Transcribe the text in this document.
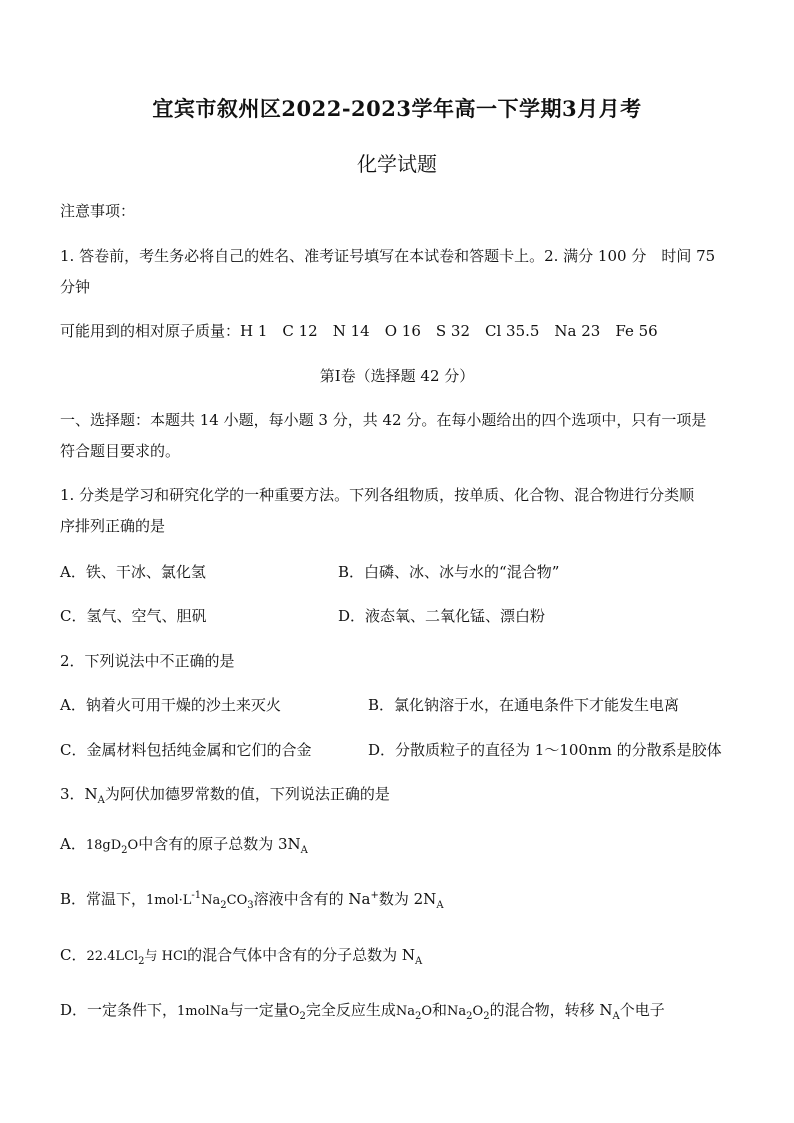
宜宾市叙州区2022-2023学年高一下学期3月月考
化学试题
注意事项：
1. 答卷前，考生务必将自己的姓名、准考证号填写在本试卷和答题卡上。2. 满分 100 分　时间 75
分钟
可能用到的相对原子质量：H 1　C 12　N 14　O 16　S 32　Cl 35.5　Na 23　Fe 56
第Ⅰ卷（选择题 42 分）
一、选择题：本题共 14 小题，每小题 3 分，共 42 分。在每小题给出的四个选项中，只有一项是
符合题目要求的。
1. 分类是学习和研究化学的一种重要方法。下列各组物质，按单质、化合物、混合物进行分类顺
序排列正确的是
A．铁、干冰、氯化氢	B．白磷、冰、冰与水的“混合物”
C．氢气、空气、胆矾	D．液态氧、二氧化锰、漂白粉
2．下列说法中不正确的是
A．钠着火可用干燥的沙土来灭火	B．氯化钠溶于水，在通电条件下才能发生电离
C．金属材料包括纯金属和它们的合金	D．分散质粒子的直径为 1～100nm 的分散系是胶体
3．$N_A$为阿伏加德罗常数的值，下列说法正确的是
A．$18gD_2O$中含有的原子总数为 $3N_A$
B．常温下，$1mol\cdot L^{-1}Na_2CO_3$溶液中含有的 Na+数为 $2N_A$
C．22.4LCl$_2$与 HCl的混合气体中含有的分子总数为 $N_A$
D．一定条件下，1molNa与一定量$O_2$完全反应生成$Na_2O$和$Na_2O_2$的混合物，转移 $N_A$个电子
